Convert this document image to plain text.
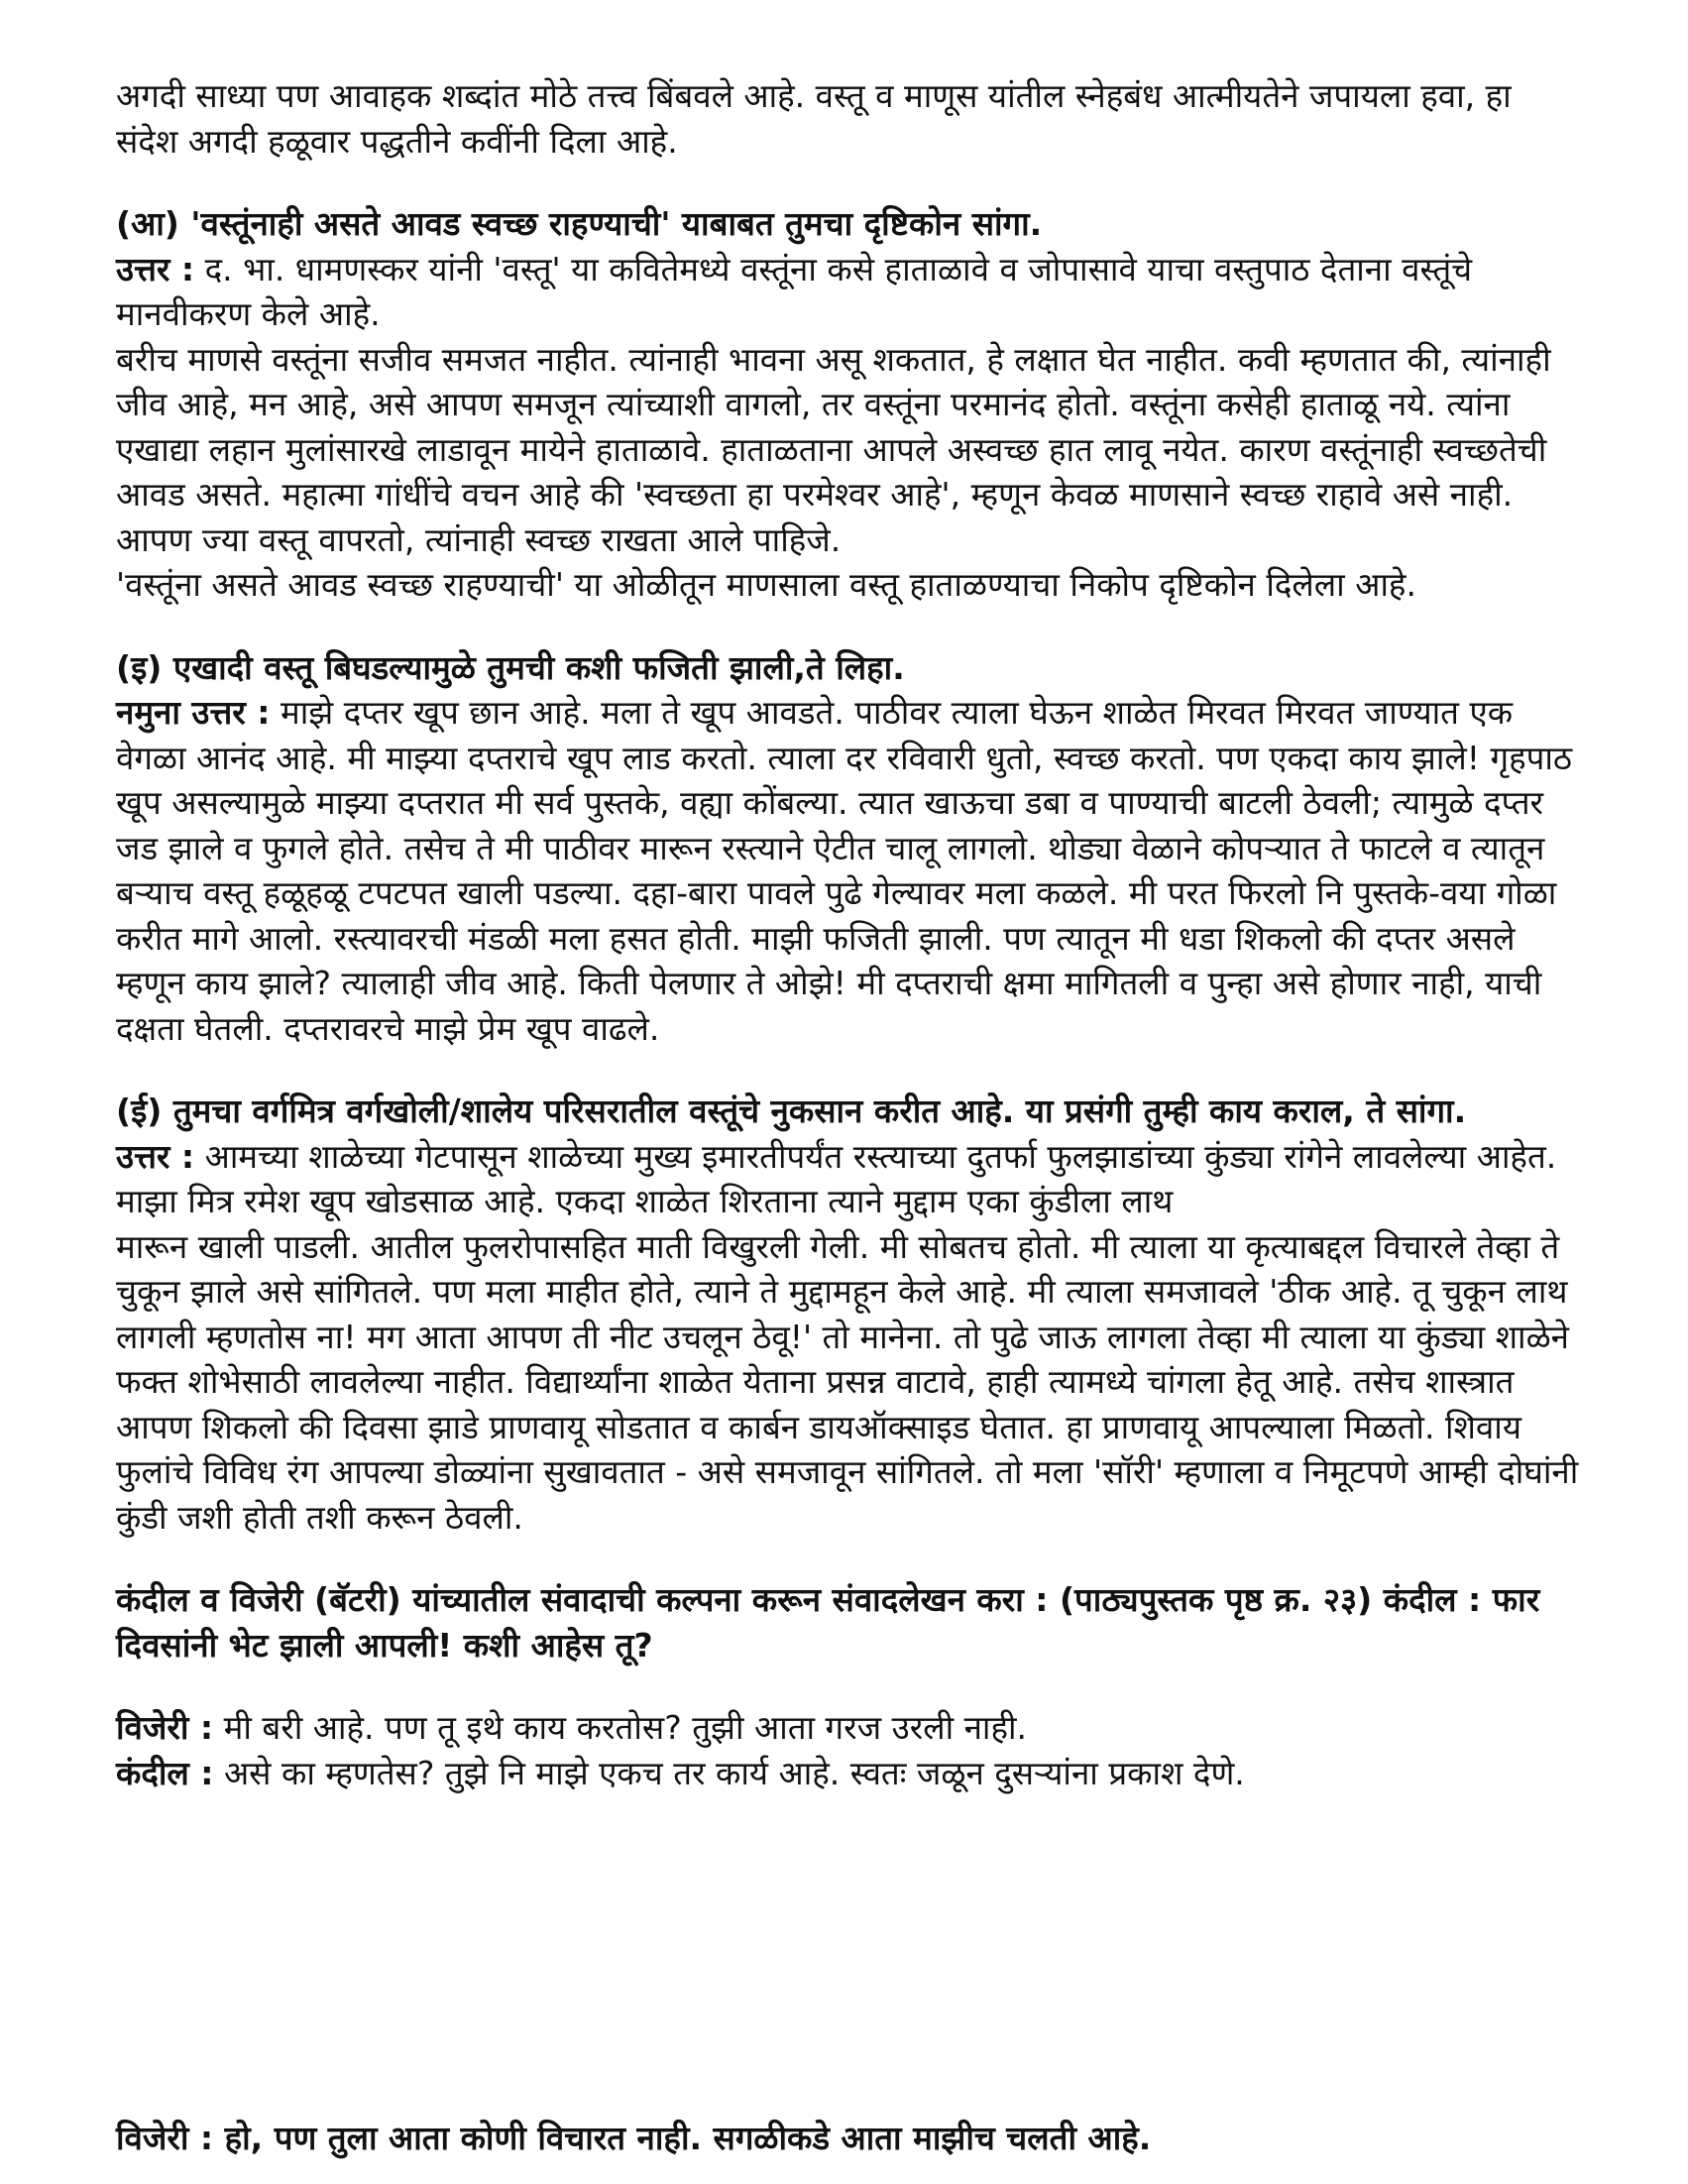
अगदी साध्या पण आवाहक शब्दांत मोठे तत्त्व बिंबवले आहे. वस्तू व माणूस यांतील स्नेहबंध आत्मीयतेने जपायला हवा, हा संदेश अगदी हळूवार पद्धतीने कवींनी दिला आहे.

(आ) 'वस्तूंनाही असते आवड स्वच्छ राहण्याची' याबाबत तुमचा दृष्टिकोन सांगा.

उत्तर : द. भा. धामणस्कर यांनी 'वस्तू' या कवितेमध्ये वस्तूंना कसे हाताळावे व जोपासावे याचा वस्तुपाठ देताना वस्तूंचे मानवीकरण केले आहे.

बरीच माणसे वस्तूंना सजीव समजत नाहीत. त्यांनाही भावना असू शकतात, हे लक्षात घेत नाहीत. कवी म्हणतात की, त्यांनाही जीव आहे, मन आहे, असे आपण समजून त्यांच्याशी वागलो, तर वस्तूंना परमानंद होतो. वस्तूंना कसेही हाताळू नये. त्यांना एखाद्या लहान मुलांसारखे लाडावून मायेने हाताळावे. हाताळताना आपले अस्वच्छ हात लावू नयेत. कारण वस्तूंनाही स्वच्छतेची आवड असते. महात्मा गांधींचे वचन आहे की 'स्वच्छता हा परमेश्वर आहे', म्हणून केवळ माणसाने स्वच्छ राहावे असे नाही. आपण ज्या वस्तू वापरतो, त्यांनाही स्वच्छ राखता आले पाहिजे.

'वस्तूंना असते आवड स्वच्छ राहण्याची' या ओळीतून माणसाला वस्तू हाताळण्याचा निकोप दृष्टिकोन दिलेला आहे.

(इ) एखादी वस्तू बिघडल्यामुळे तुमची कशी फजिती झाली,ते लिहा.

नमुना उत्तर : माझे दप्तर खूप छान आहे. मला ते खूप आवडते. पाठीवर त्याला घेऊन शाळेत मिरवत मिरवत जाण्यात एक वेगळा आनंद आहे. मी माझ्या दप्तराचे खूप लाड करतो. त्याला दर रविवारी धुतो, स्वच्छ करतो. पण एकदा काय झाले! गृहपाठ खूप असल्यामुळे माझ्या दप्तरात मी सर्व पुस्तके, वह्या कोंबल्या. त्यात खाऊचा डबा व पाण्याची बाटली ठेवली; त्यामुळे दप्तर जड झाले व फुगले होते. तसेच ते मी पाठीवर मारून रस्त्याने ऐटीत चालू लागलो. थोड्या वेळाने कोपऱ्यात ते फाटले व त्यातून बऱ्याच वस्तू हळूहळू टपटपत खाली पडल्या. दहा-बारा पावले पुढे गेल्यावर मला कळले. मी परत फिरलो नि पुस्तके-वया गोळा करीत मागे आलो. रस्त्यावरची मंडळी मला हसत होती. माझी फजिती झाली. पण त्यातून मी धडा शिकलो की दप्तर असले म्हणून काय झाले? त्यालाही जीव आहे. किती पेलणार ते ओझे! मी दप्तराची क्षमा मागितली व पुन्हा असे होणार नाही, याची दक्षता घेतली. दप्तरावरचे माझे प्रेम खूप वाढले.

(ई) तुमचा वर्गमित्र वर्गखोली/शालेय परिसरातील वस्तूंचे नुकसान करीत आहे. या प्रसंगी तुम्ही काय कराल, ते सांगा.

उत्तर : आमच्या शाळेच्या गेटपासून शाळेच्या मुख्य इमारतीपर्यंत रस्त्याच्या दुतर्फा फुलझाडांच्या कुंड्या रांगेने लावलेल्या आहेत. माझा मित्र रमेश खूप खोडसाळ आहे. एकदा शाळेत शिरताना त्याने मुद्दाम एका कुंडीला लाथ

मारून खाली पाडली. आतील फुलरोपासहित माती विखुरली गेली. मी सोबतच होतो. मी त्याला या कृत्याबद्दल विचारले तेव्हा ते चुकून झाले असे सांगितले. पण मला माहीत होते, त्याने ते मुद्दामहून केले आहे. मी त्याला समजावले 'ठीक आहे. तू चुकून लाथ लागली म्हणतोस ना! मग आता आपण ती नीट उचलून ठेवू!' तो मानेना. तो पुढे जाऊ लागला तेव्हा मी त्याला या कुंड्या शाळेने फक्त शोभेसाठी लावलेल्या नाहीत. विद्यार्थ्यांना शाळेत येताना प्रसन्न वाटावे, हाही त्यामध्ये चांगला हेतू आहे. तसेच शास्त्रात आपण शिकलो की दिवसा झाडे प्राणवायू सोडतात व कार्बन डायऑक्साइड घेतात. हा प्राणवायू आपल्याला मिळतो. शिवाय फुलांचे विविध रंग आपल्या डोळ्यांना सुखावतात - असे समजावून सांगितले. तो मला 'सॉरी' म्हणाला व निमूटपणे आम्ही दोघांनी कुंडी जशी होती तशी करून ठेवली.

कंदील व विजेरी (बॅटरी) यांच्यातील संवादाची कल्पना करून संवादलेखन करा : (पाठ्यपुस्तक पृष्ठ क्र. २३) कंदील : फार दिवसांनी भेट झाली आपली! कशी आहेस तू?

विजेरी : मी बरी आहे. पण तू इथे काय करतोस? तुझी आता गरज उरली नाही.

कंदील : असे का म्हणतेस? तुझे नि माझे एकच तर कार्य आहे. स्वतः जळून दुसऱ्यांना प्रकाश देणे.

विजेरी : हो, पण तुला आता कोणी विचारत नाही. सगळीकडे आता माझीच चलती आहे.
